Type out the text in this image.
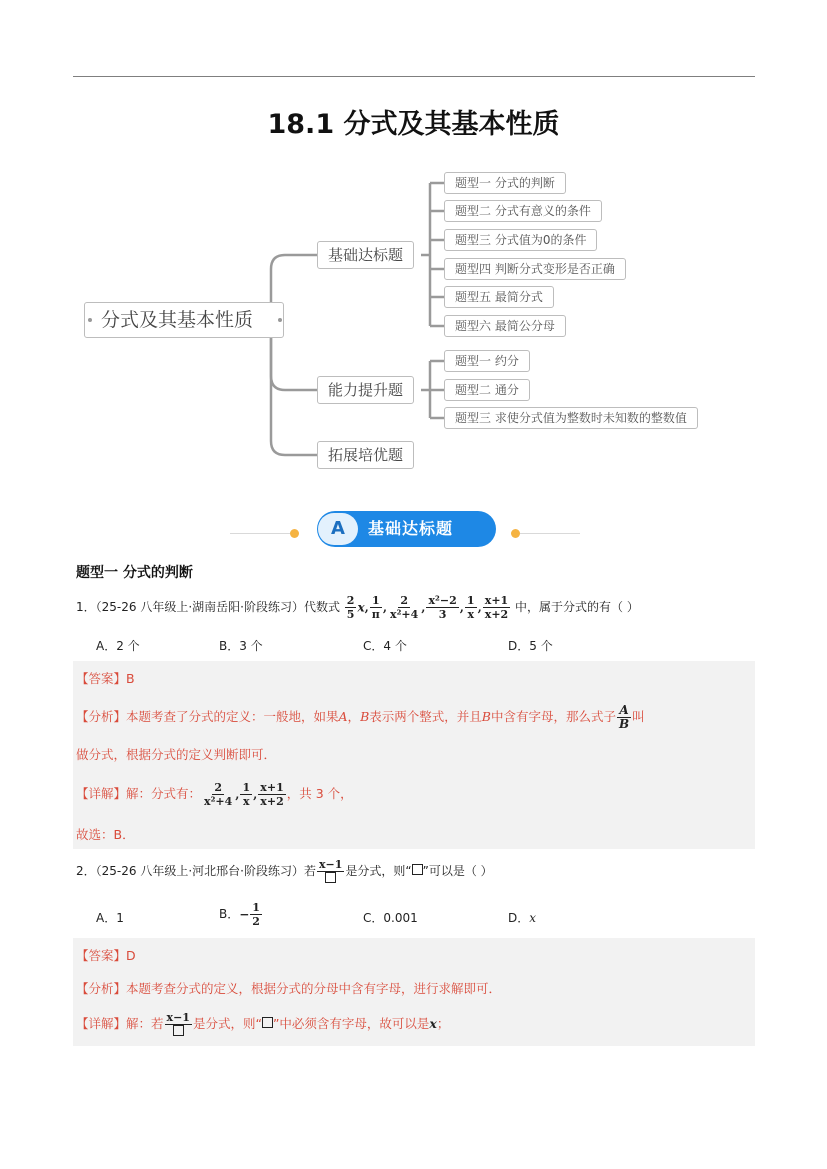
18.1 分式及其基本性质
分式及其基本性质
基础达标题
能力提升题
拓展培优题
题型一 分式的判断
题型二 分式有意义的条件
题型三 分式值为0的条件
题型四 判断分式变形是否正确
题型五 最简分式
题型六 最简公分母
题型一 约分
题型二 通分
题型三 求使分式值为整数时未知数的整数值
A	基础达标题
题型一 分式的判断
1．（25-26 八年级上·湖南岳阳·阶段练习）代数式 $\frac{2}{5} x$, $\frac{1}{\pi}$ , $\frac{2}{\text{x²+4}}$ , $\frac{\text{x²−2}}{3}$ , $\frac{1}{x}$ , $\frac{x+1}{x+2}$ 中，属于分式的有（ ）
A．2 个	B．3 个	C．4 个	D．5 个
【答案】B
【分析】本题考查了分式的定义：一般地，如果A，B表示两个整式，并且B中含有字母，那么式子 $\frac{A}{B}$ 叫
做分式，根据分式的定义判断即可．
【详解】解：分式有： $\frac{2}{\text{x²+4}}$ , $\frac{1}{x}$ , $\frac{x+1}{x+2}$ ，共 3 个，
故选：B．
2．（25-26 八年级上·河北邢台·阶段练习）若 x−1 是分式，则“ ”可以是（ ）
A．1	B．− $\frac{1}{2}$	C．0.001	D．x
【答案】D
【分析】本题考查分式的定义，根据分式的分母中含有字母，进行求解即可．
【详解】解：若 x−1 是分式，则“ ”中必须含有字母，故可以是x；
